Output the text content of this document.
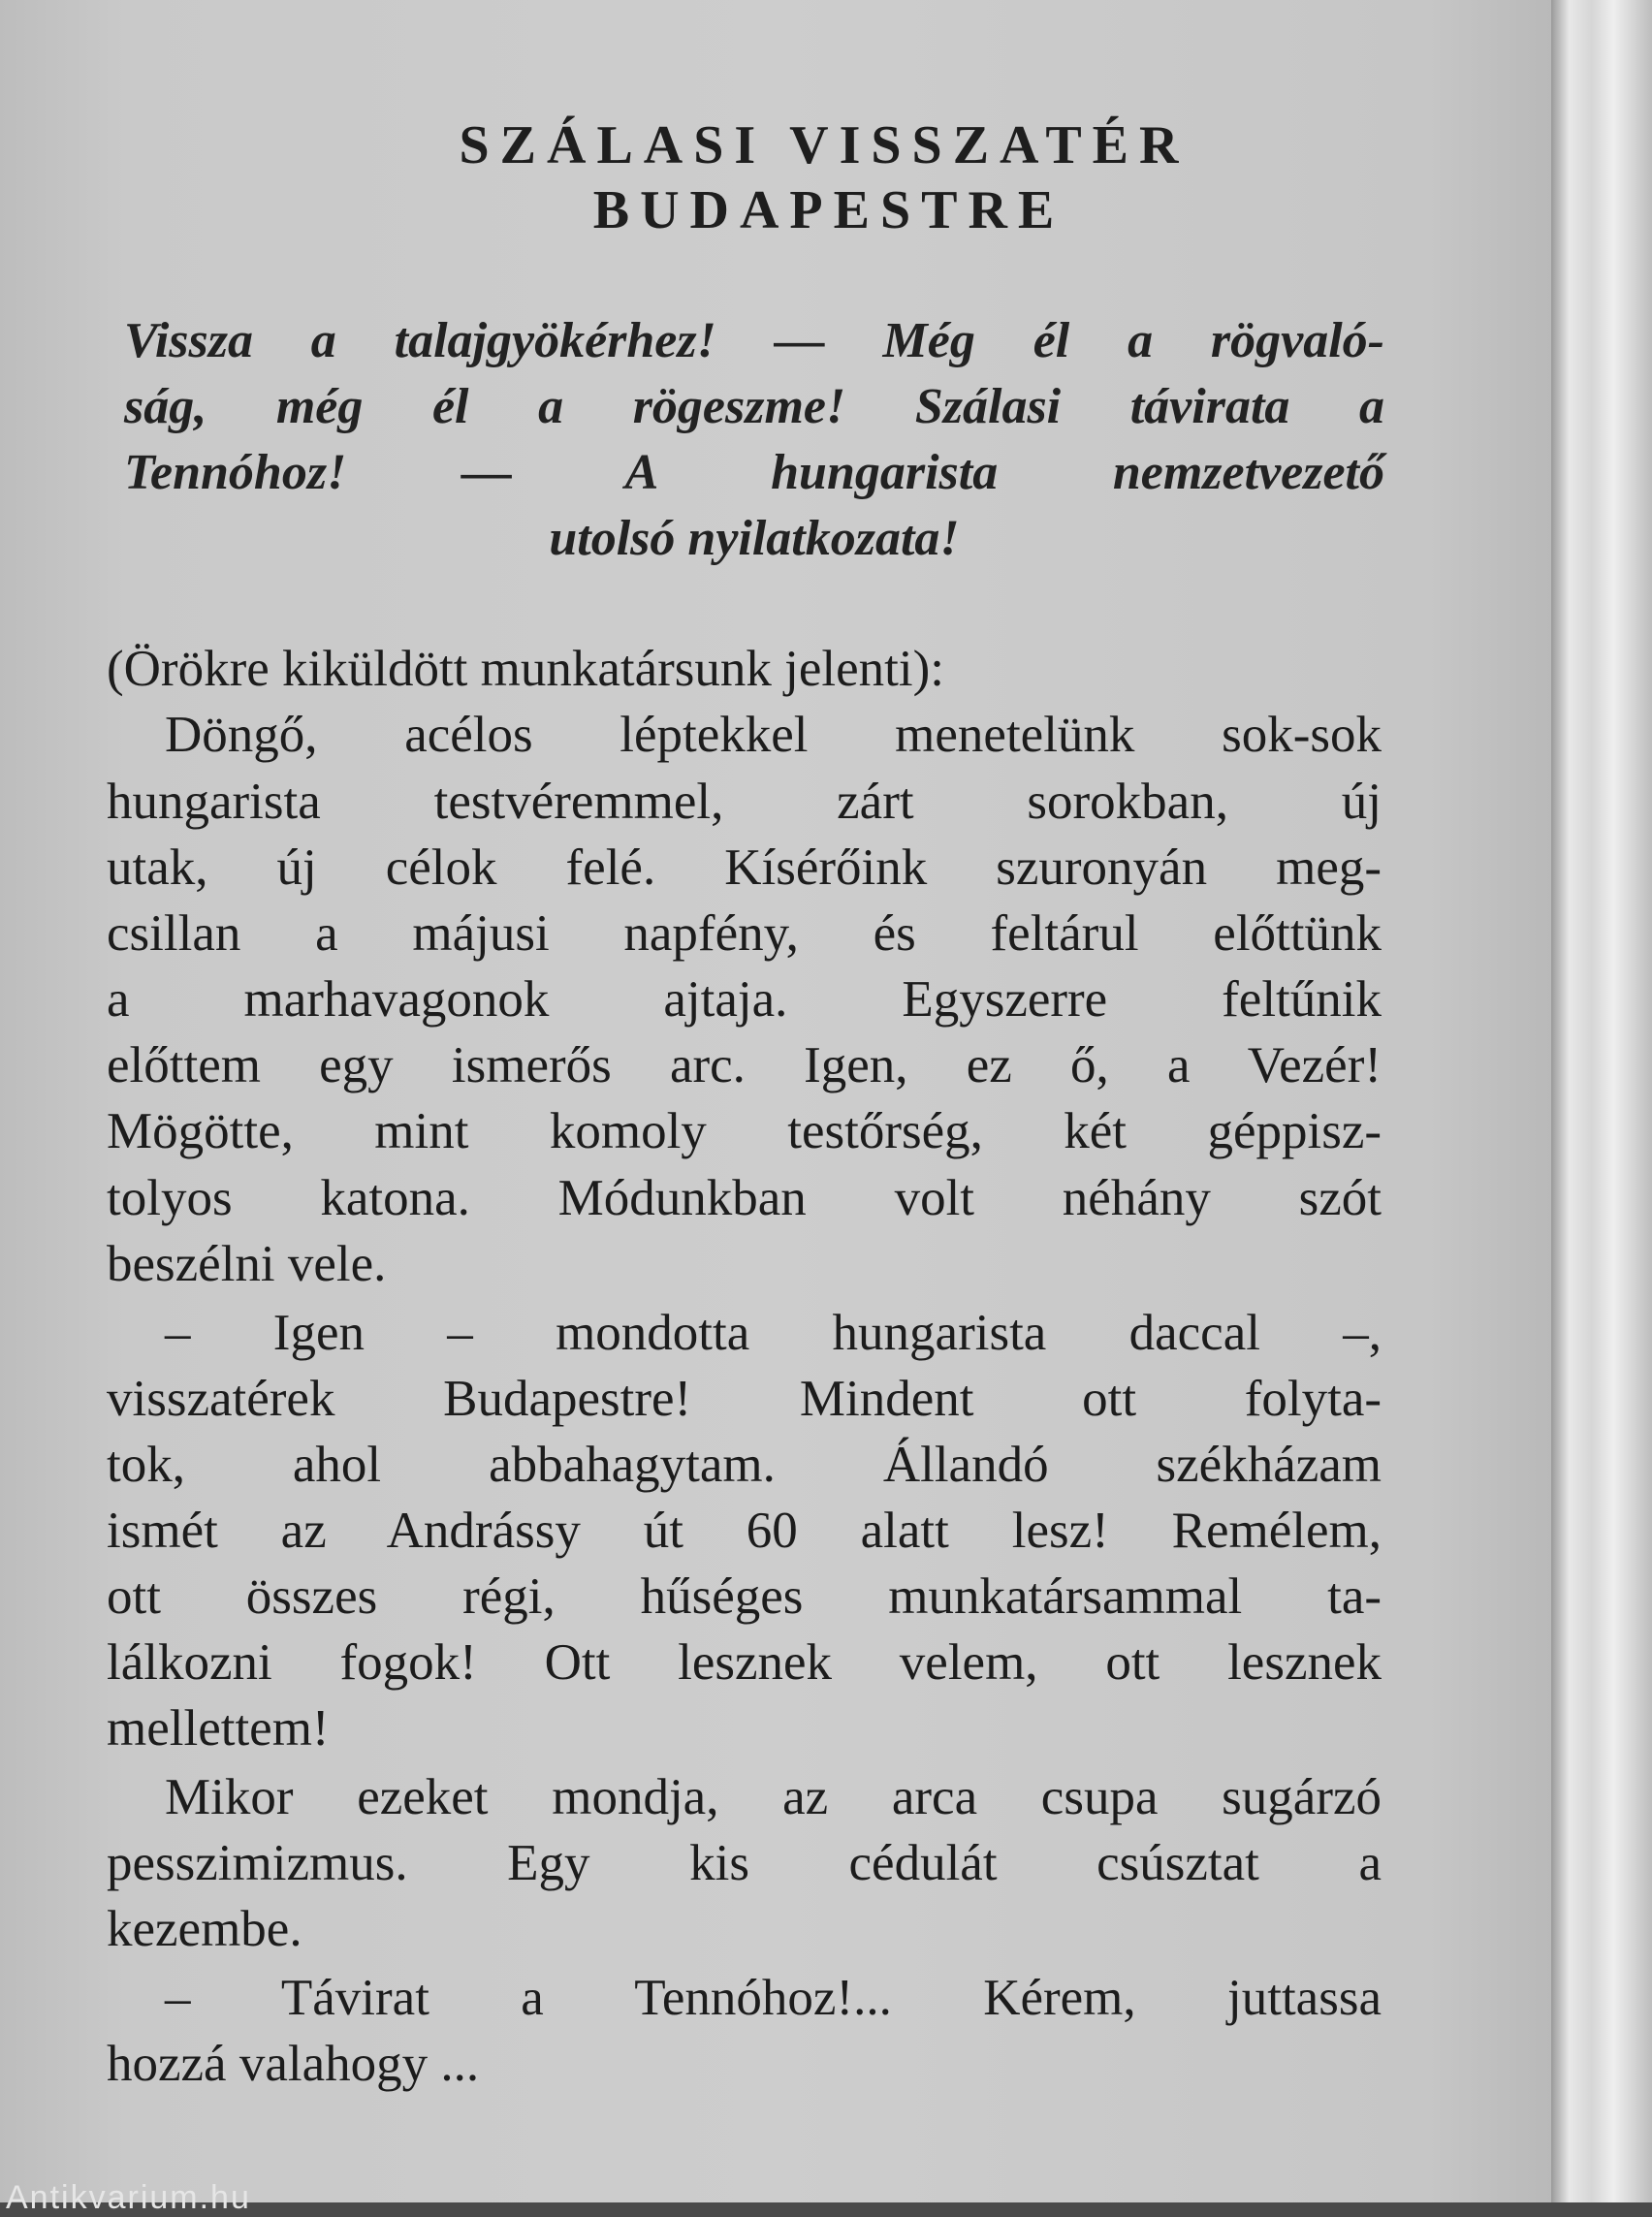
SZÁLASI VISSZATÉR
BUDAPESTRE
Vissza a talajgyökérhez! — Még él a rögvaló-
ság, még él a rögeszme! Szálasi távirata a
Tennóhoz! — A hungarista nemzetvezető
utolsó nyilatkozata!
(Örökre kiküldött munkatársunk jelenti):
Döngő, acélos léptekkel menetelünk sok-sok
hungarista testvéremmel, zárt sorokban, új
utak, új célok felé. Kísérőink szuronyán meg-
csillan a májusi napfény, és feltárul előttünk
a marhavagonok ajtaja. Egyszerre feltűnik
előttem egy ismerős arc. Igen, ez ő, a Vezér!
Mögötte, mint komoly testőrség, két géppisz-
tolyos katona. Módunkban volt néhány szót
beszélni vele.
– Igen – mondotta hungarista daccal –,
visszatérek Budapestre! Mindent ott folyta-
tok, ahol abbahagytam. Állandó székházam
ismét az Andrássy út 60 alatt lesz! Remélem,
ott összes régi, hűséges munkatársammal ta-
lálkozni fogok! Ott lesznek velem, ott lesznek
mellettem!
Mikor ezeket mondja, az arca csupa sugárzó
pesszimizmus. Egy kis cédulát csúsztat a
kezembe.
– Távirat a Tennóhoz!... Kérem, juttassa
hozzá valahogy ...
Antikvarium.hu
